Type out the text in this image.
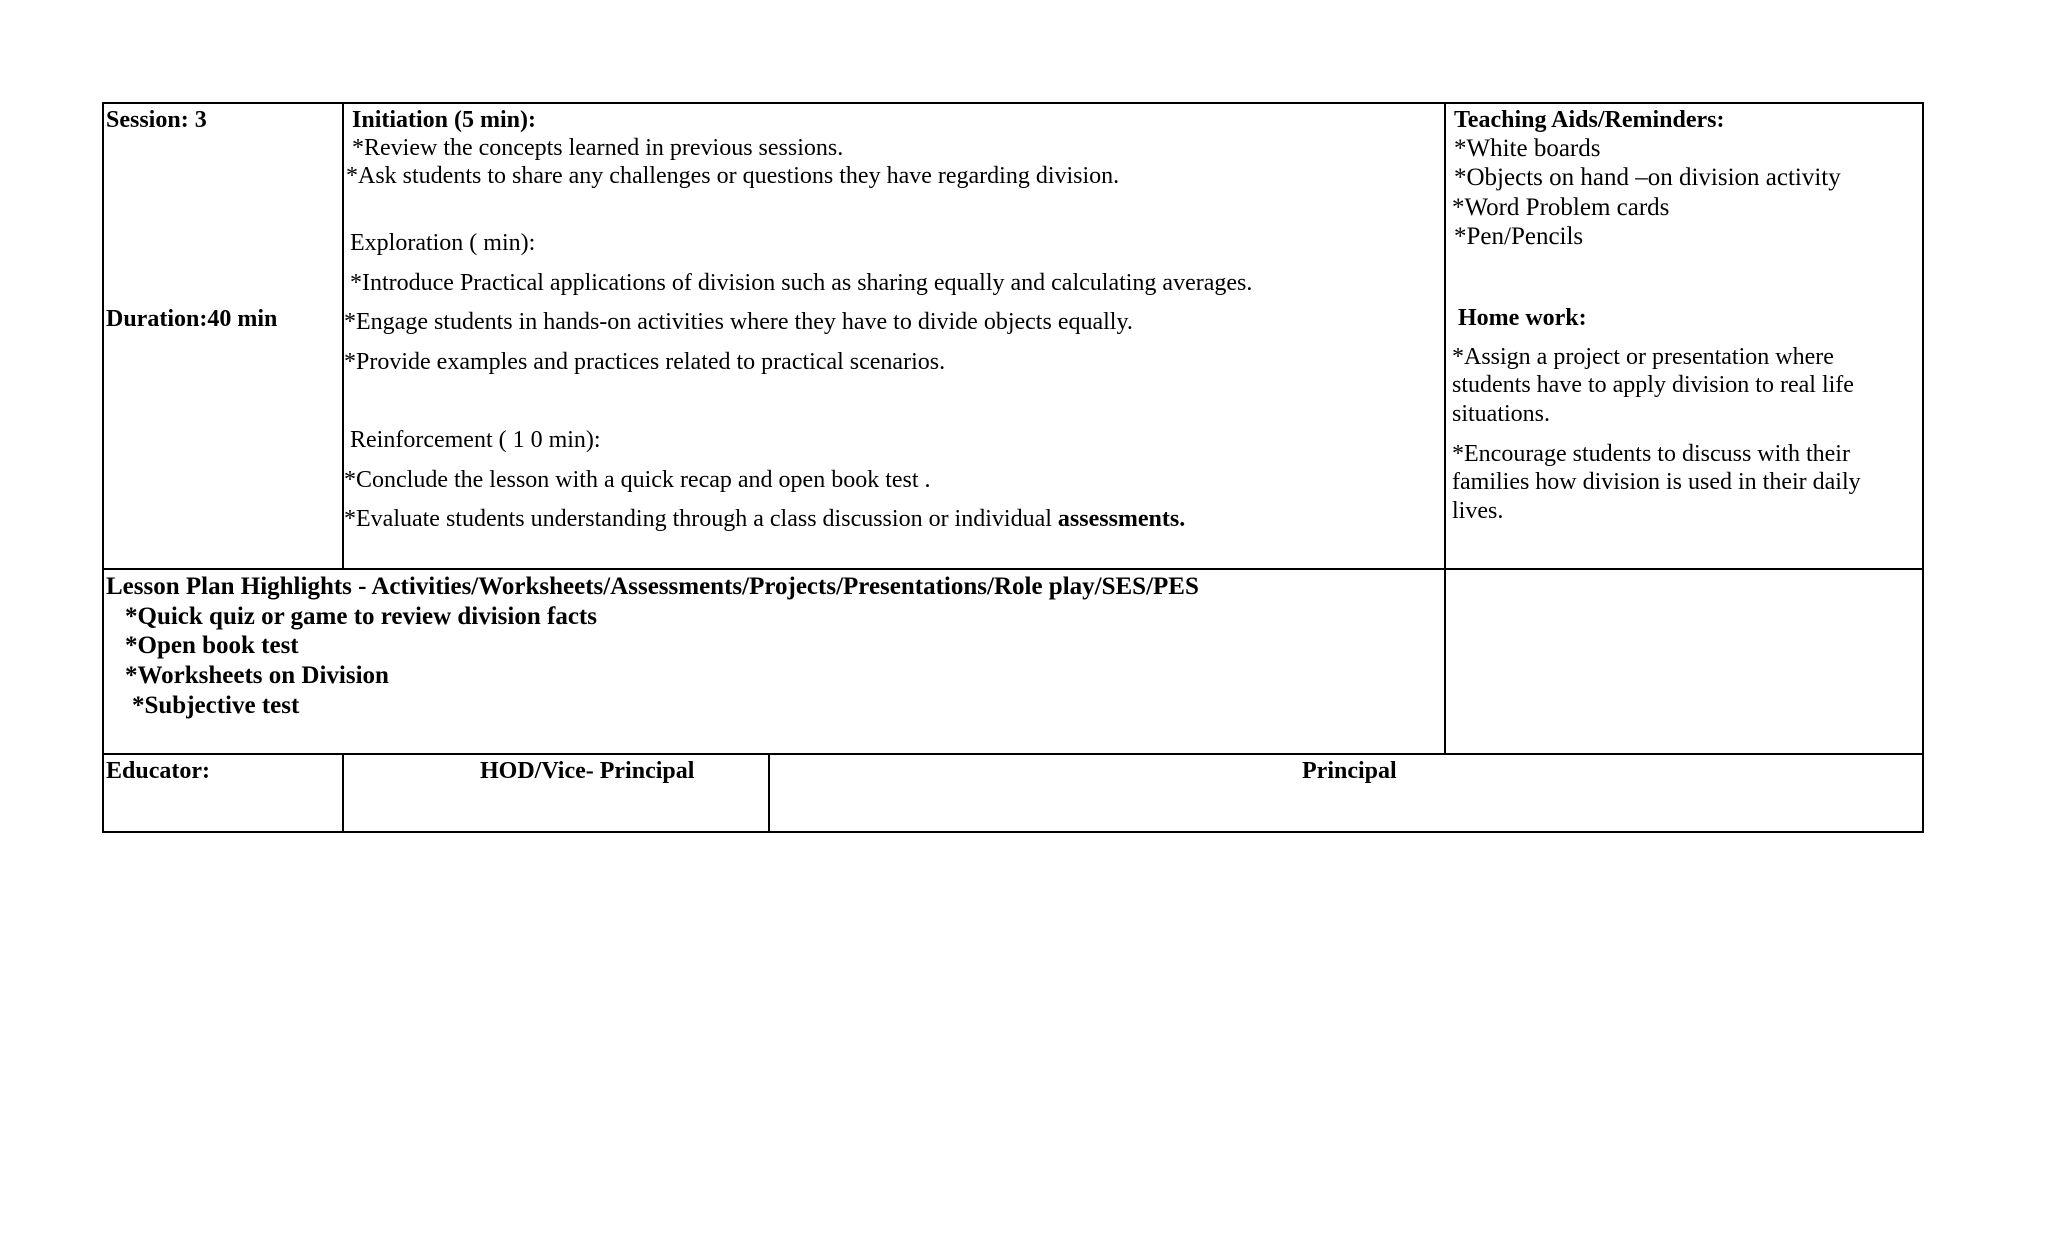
Session: 3
Duration:40 min
Initiation (5 min):
*Review the concepts learned in previous sessions.
*Ask students to share any challenges or questions they have regarding division.
Exploration ( min):
*Introduce Practical applications of division such as sharing equally and calculating averages.
*Engage students in hands-on activities where they have to divide objects equally.
*Provide examples and practices related to practical scenarios.
Reinforcement ( 1 0 min):
*Conclude the lesson with a quick recap and open book test .
*Evaluate students understanding through a class discussion or individual assessments.
Teaching Aids/Reminders:
*White boards
*Objects on hand –on division activity
*Word Problem cards
*Pen/Pencils
Home work:
*Assign a project or presentation where
students have to apply division to real life
situations.
*Encourage students to discuss with their
families how division is used in their daily
lives.
Lesson Plan Highlights - Activities/Worksheets/Assessments/Projects/Presentations/Role play/SES/PES
*Quick quiz or game to review division facts
*Open book test
*Worksheets on Division
*Subjective test
Educator:	HOD/Vice- Principal	Principal
